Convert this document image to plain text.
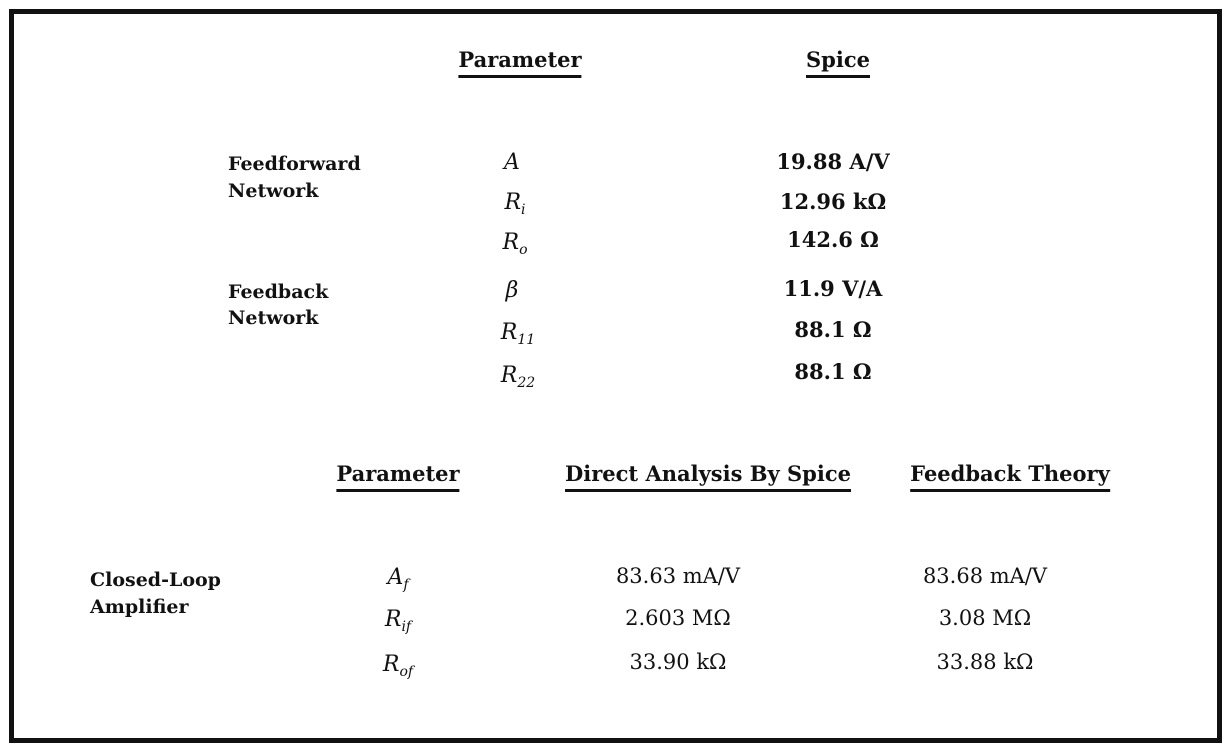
Parameter	Spice
Feedforward
Network
Feedback
Network
A	19.88 A/V
$R_i$	12.96 kΩ
$R_o$	142.6 Ω
β	11.9 V/A
$R_{11}$	88.1 Ω
$R_{22}$	88.1 Ω
Parameter	Direct Analysis By Spice	Feedback Theory
Closed-Loop
Amplifier
$A_f$	83.63 mA/V	83.68 mA/V
$R_{if}$	2.603 MΩ	3.08 MΩ
$R_{of}$	33.90 kΩ	33.88 kΩ
